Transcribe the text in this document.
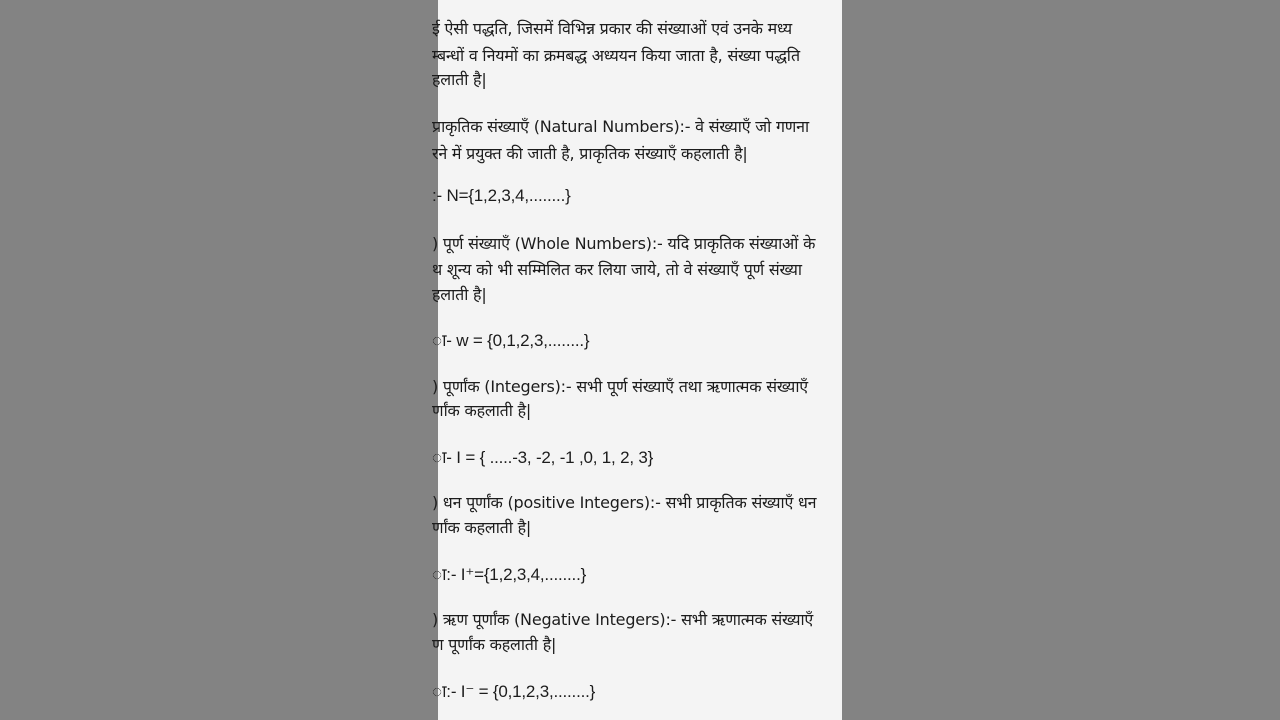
ई ऐसी पद्धति, जिसमें विभिन्न प्रकार की संख्याओं एवं उनके मध्य
म्बन्धों व नियमों का क्रमबद्ध अध्ययन किया जाता है, संख्या पद्धति
हलाती है|
प्राकृतिक संख्याएँ (Natural Numbers):- वे संख्याएँ जो गणना
रने में प्रयुक्त की जाती है, प्राकृतिक संख्याएँ कहलाती है|
:- N={1,2,3,4,........}
) पूर्ण संख्याएँ (Whole Numbers):- यदि प्राकृतिक संख्याओं के
थ शून्य को भी सम्मिलित कर लिया जाये, तो वे संख्याएँ पूर्ण संख्या
हलाती है|
ा- w = {0,1,2,3,........}
) पूर्णांक (Integers):- सभी पूर्ण संख्याएँ तथा ऋणात्मक संख्याएँ
र्णांक कहलाती है|
ा- I = { .....-3, -2, -1 ,0, 1, 2, 3}
) धन पूर्णांक (positive Integers):- सभी प्राकृतिक संख्याएँ धन
र्णांक कहलाती है|
ा:- I⁺={1,2,3,4,........}
) ऋण पूर्णांक (Negative Integers):- सभी ऋणात्मक संख्याएँ
ण पूर्णांक कहलाती है|
ा:- I⁻ = {0,1,2,3,........}
